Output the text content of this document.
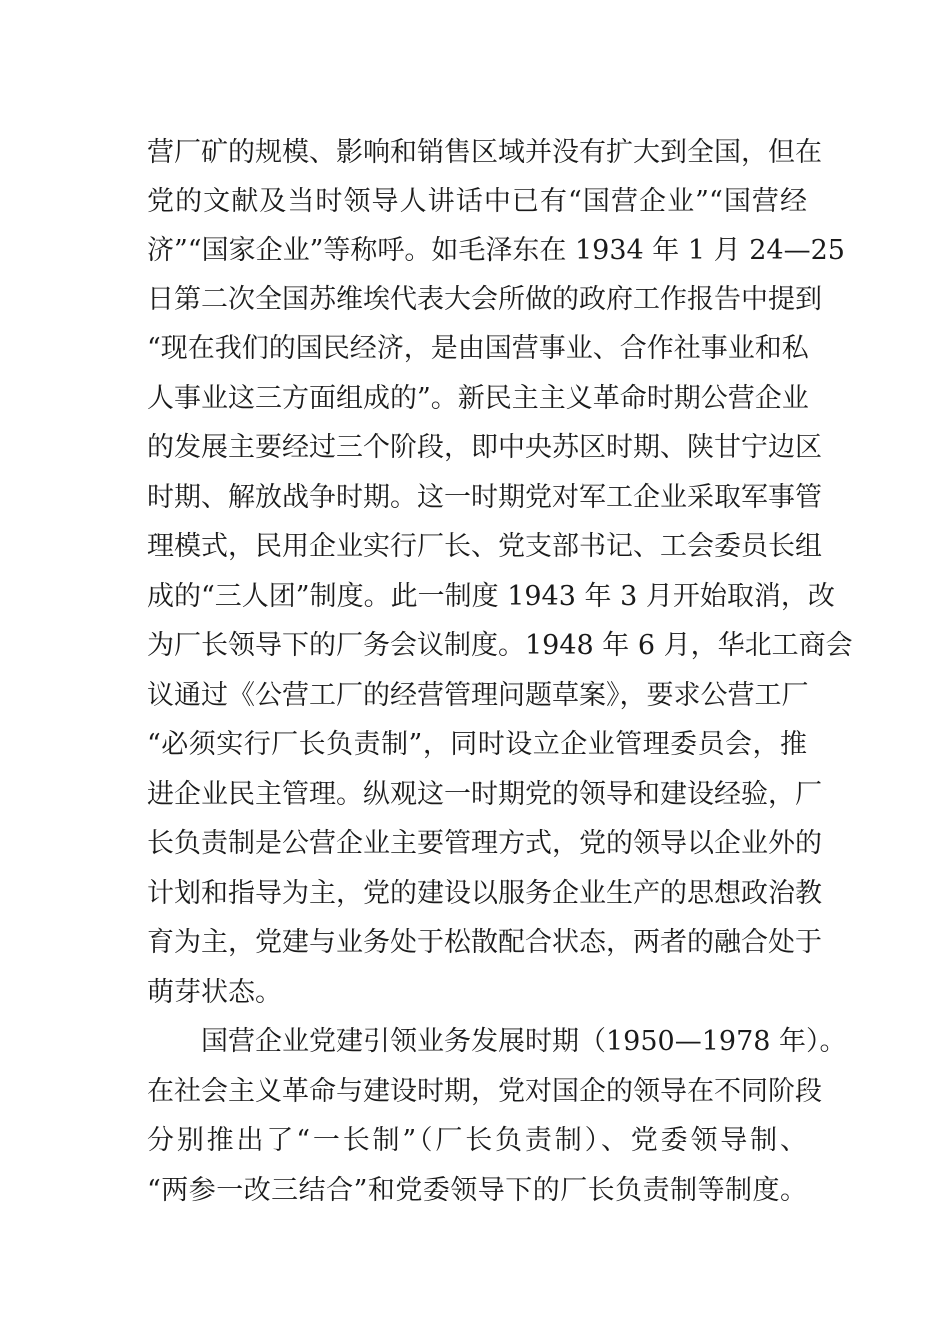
营厂矿的规模、影响和销售区域并没有扩大到全国，但在
党的文献及当时领导人讲话中已有“国营企业”“国营经
济”“国家企业”等称呼。如毛泽东在 1934 年 1 月 24—25
日第二次全国苏维埃代表大会所做的政府工作报告中提到
“现在我们的国民经济，是由国营事业、合作社事业和私
人事业这三方面组成的”。新民主主义革命时期公营企业
的发展主要经过三个阶段，即中央苏区时期、陕甘宁边区
时期、解放战争时期。这一时期党对军工企业采取军事管
理模式，民用企业实行厂长、党支部书记、工会委员长组
成的“三人团”制度。此一制度 1943 年 3 月开始取消，改
为厂长领导下的厂务会议制度。1948 年 6 月，华北工商会
议通过《公营工厂的经营管理问题草案》，要求公营工厂
“必须实行厂长负责制”，同时设立企业管理委员会，推
进企业民主管理。纵观这一时期党的领导和建设经验，厂
长负责制是公营企业主要管理方式，党的领导以企业外的
计划和指导为主，党的建设以服务企业生产的思想政治教
育为主，党建与业务处于松散配合状态，两者的融合处于
萌芽状态。
国营企业党建引领业务发展时期（1950—1978 年）。
在社会主义革命与建设时期，党对国企的领导在不同阶段
分别推出了“一长制”（厂长负责制）、党委领导制、
“两参一改三结合”和党委领导下的厂长负责制等制度。
